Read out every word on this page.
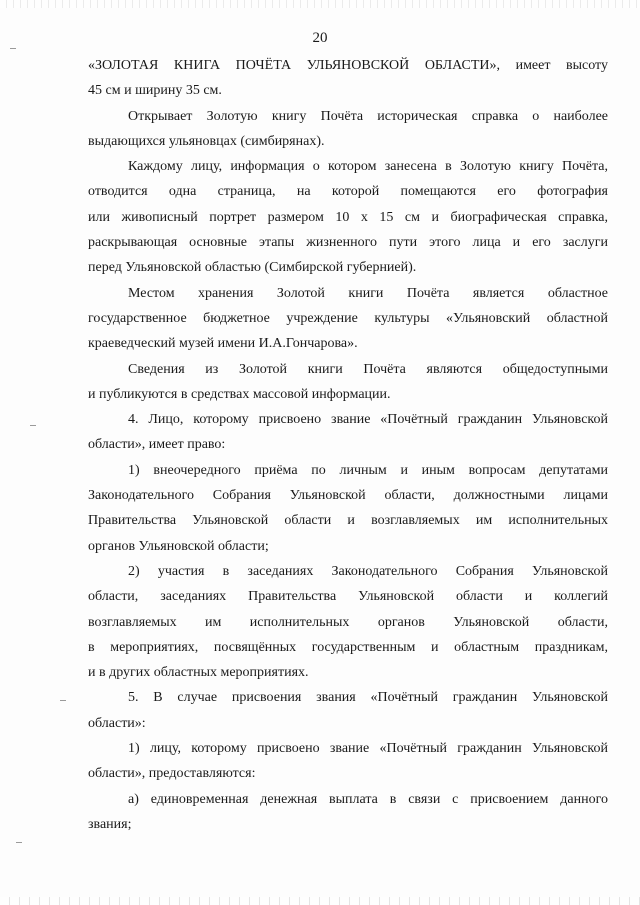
20
«ЗОЛОТАЯ КНИГА ПОЧЁТА УЛЬЯНОВСКОЙ ОБЛАСТИ», имеет высоту
45 см и ширину 35 см.
Открывает Золотую книгу Почёта историческая справка о наиболее
выдающихся ульяновцах (симбирянах).
Каждому лицу, информация о котором занесена в Золотую книгу Почёта,
отводится одна страница, на которой помещаются его фотография
или живописный портрет размером 10 х 15 см и биографическая справка,
раскрывающая основные этапы жизненного пути этого лица и его заслуги
перед Ульяновской областью (Симбирской губернией).
Местом хранения Золотой книги Почёта является областное
государственное бюджетное учреждение культуры «Ульяновский областной
краеведческий музей имени И.А.Гончарова».
Сведения из Золотой книги Почёта являются общедоступными
и публикуются в средствах массовой информации.
4. Лицо, которому присвоено звание «Почётный гражданин Ульяновской
области», имеет право:
1) внеочередного приёма по личным и иным вопросам депутатами
Законодательного Собрания Ульяновской области, должностными лицами
Правительства Ульяновской области и возглавляемых им исполнительных
органов Ульяновской области;
2) участия в заседаниях Законодательного Собрания Ульяновской
области, заседаниях Правительства Ульяновской области и коллегий
возглавляемых им исполнительных органов Ульяновской области,
в мероприятиях, посвящённых государственным и областным праздникам,
и в других областных мероприятиях.
5. В случае присвоения звания «Почётный гражданин Ульяновской
области»:
1) лицу, которому присвоено звание «Почётный гражданин Ульяновской
области», предоставляются:
а) единовременная денежная выплата в связи с присвоением данного
звания;
